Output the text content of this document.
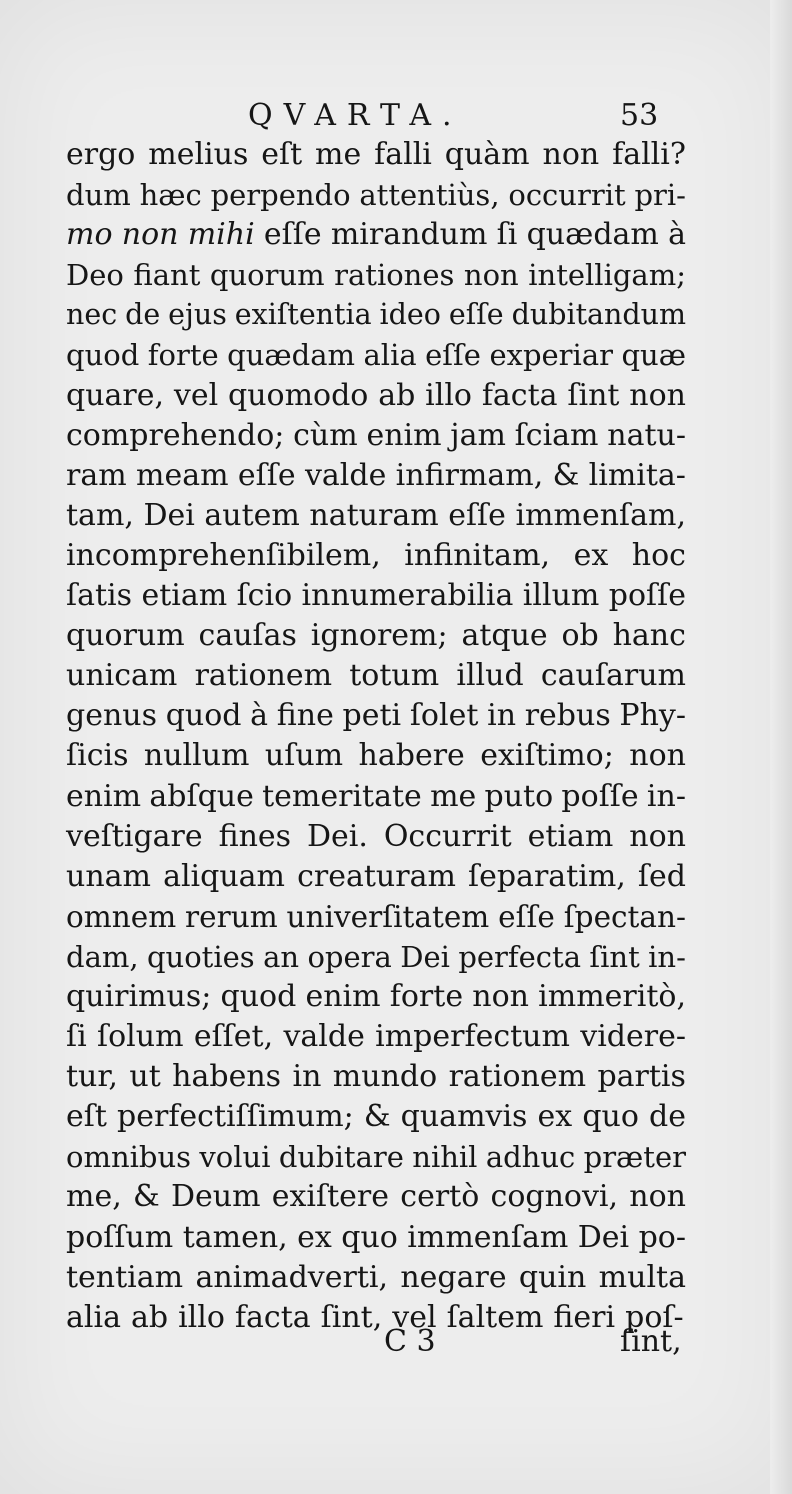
QVARTA.	53
ergo melius eſt me falli quàm non falli?
dum hæc perpendo attentiùs, occurrit pri-
mo non mihi eſſe mirandum ſi quædam à
Deo fiant quorum rationes non intelligam;
nec de ejus exiſtentia ideo eſſe dubitandum
quod forte quædam alia eſſe experiar quæ
quare, vel quomodo ab illo facta ſint non
comprehendo; cùm enim jam ſciam natu-
ram meam eſſe valde infirmam, & limita-
tam, Dei autem naturam eſſe immenſam,
incomprehenſibilem, infinitam, ex hoc
ſatis etiam ſcio innumerabilia illum poſſe
quorum cauſas ignorem; atque ob hanc
unicam rationem totum illud cauſarum
genus quod à fine peti ſolet in rebus Phy-
ſicis nullum uſum habere exiſtimo; non
enim abſque temeritate me puto poſſe in-
veſtigare fines Dei. Occurrit etiam non
unam aliquam creaturam ſeparatim, ſed
omnem rerum univerſitatem eſſe ſpectan-
dam, quoties an opera Dei perfecta ſint in-
quirimus; quod enim forte non immeritò,
ſi ſolum eſſet, valde imperfectum videre-
tur, ut habens in mundo rationem partis
eſt perfectiſſimum; & quamvis ex quo de
omnibus volui dubitare nihil adhuc præter
me, & Deum exiſtere certò cognovi, non
poſſum tamen, ex quo immenſam Dei po-
tentiam animadverti, negare quin multa
alia ab illo facta ſint, vel ſaltem fieri poſ-
C 3	ſint,
